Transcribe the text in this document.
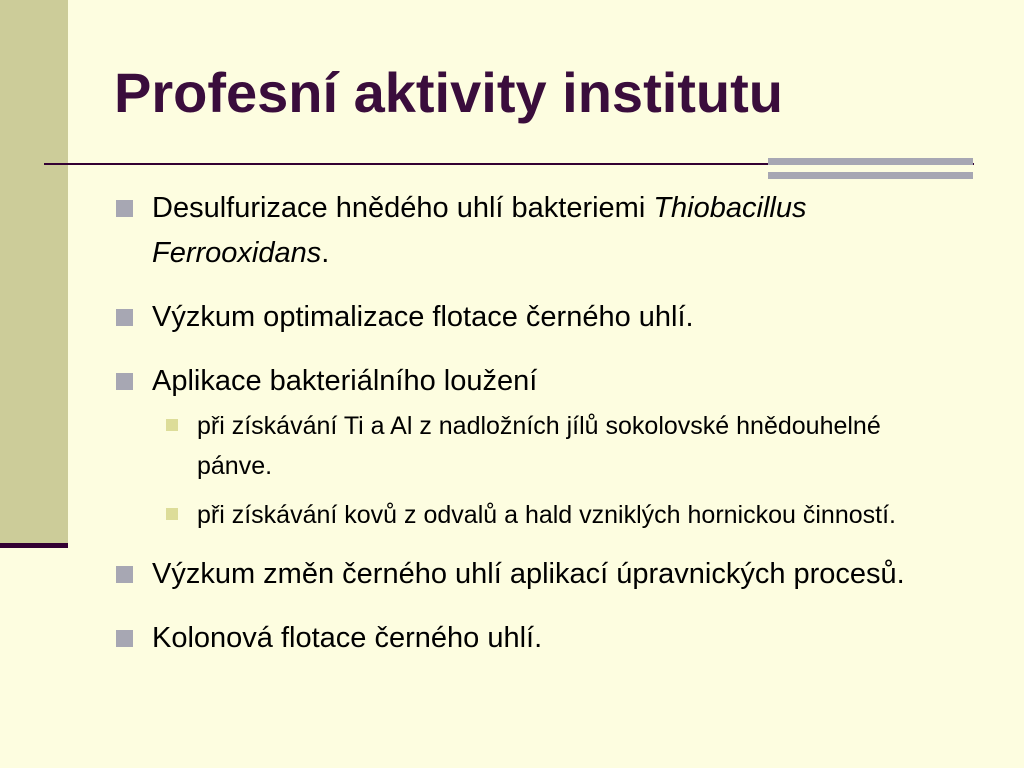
Profesní aktivity institutu
Desulfurizace hnědého uhlí bakteriemi Thiobacillus Ferrooxidans.
Výzkum optimalizace flotace černého uhlí.
Aplikace bakteriálního loužení
při získávání Ti a Al z nadložních jílů sokolovské hnědouhelné pánve.
při získávání kovů z odvalů a hald vzniklých hornickou činností.
Výzkum změn černého uhlí aplikací úpravnických procesů.
Kolonová flotace černého uhlí.
